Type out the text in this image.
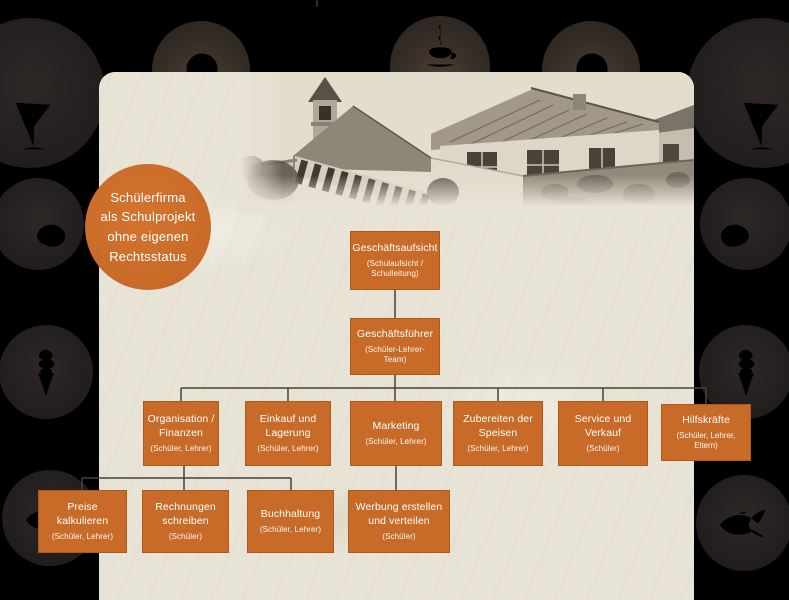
Schülerfirma
als Schulprojekt
ohne eigenen
Rechtsstatus
Geschäftsaufsicht
(Schulaufsicht / Schulleitung)
Geschäftsführer
(Schüler-Lehrer-Team)
Organisation / Finanzen
(Schüler, Lehrer)
Einkauf und Lagerung
(Schüler, Lehrer)
Marketing
(Schüler, Lehrer)
Zubereiten der Speisen
(Schüler, Lehrer)
Service und Verkauf
(Schüler)
Hilfskräfte
(Schüler, Lehrer, Eltern)
Preise kalkulieren
(Schüler, Lehrer)
Rechnungen schreiben
(Schüler)
Buchhaltung
(Schüler, Lehrer)
Werbung erstellen und verteilen
(Schüler)
